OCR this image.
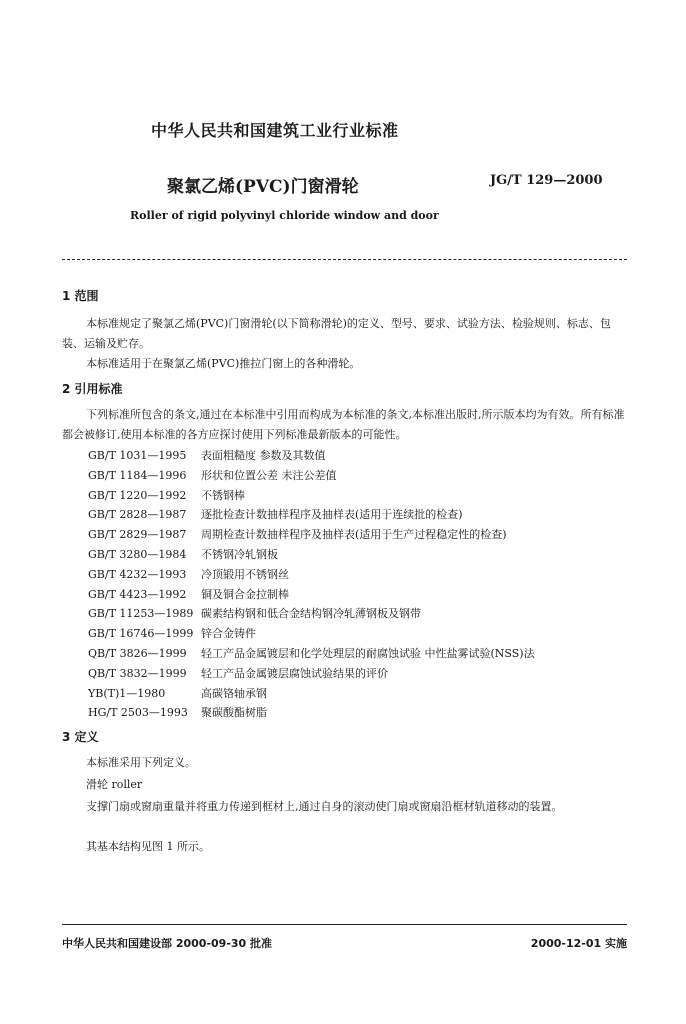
中华人民共和国建筑工业行业标准
聚氯乙烯(PVC)门窗滑轮	JG/T 129—2000
Roller of rigid polyvinyl chloride window and door
1 范围
本标准规定了聚氯乙烯(PVC)门窗滑轮(以下简称滑轮)的定义、型号、要求、试验方法、检验规则、标志、包装、运输及贮存。
本标准适用于在聚氯乙烯(PVC)推拉门窗上的各种滑轮。
2 引用标准
下列标准所包含的条文,通过在本标准中引用而构成为本标准的条文,本标准出版时,所示版本均为有效。所有标准都会被修订,使用本标准的各方应探讨使用下列标准最新版本的可能性。
GB/T 1031—1995	表面粗糙度 参数及其数值
GB/T 1184—1996	形状和位置公差 未注公差值
GB/T 1220—1992	不锈钢棒
GB/T 2828—1987	逐批检查计数抽样程序及抽样表(适用于连续批的检查)
GB/T 2829—1987	周期检查计数抽样程序及抽样表(适用于生产过程稳定性的检查)
GB/T 3280—1984	不锈钢冷轧钢板
GB/T 4232—1993	冷顶锻用不锈钢丝
GB/T 4423—1992	铜及铜合金拉制棒
GB/T 11253—1989 碳素结构钢和低合金结构钢冷轧薄钢板及钢带
GB/T 16746—1999 锌合金铸件
QB/T 3826—1999	轻工产品金属镀层和化学处理层的耐腐蚀试验 中性盐雾试验(NSS)法
QB/T 3832—1999	轻工产品金属镀层腐蚀试验结果的评价
YB(T)1—1980	高碳铬轴承钢
HG/T 2503—1993	聚碳酸酯树脂
3 定义
本标准采用下列定义。
滑轮 roller
支撑门扇或窗扇重量并将重力传递到框材上,通过自身的滚动使门扇或窗扇沿框材轨道移动的装置。
其基本结构见图 1 所示。
中华人民共和国建设部 2000-09-30 批准	2000-12-01 实施
